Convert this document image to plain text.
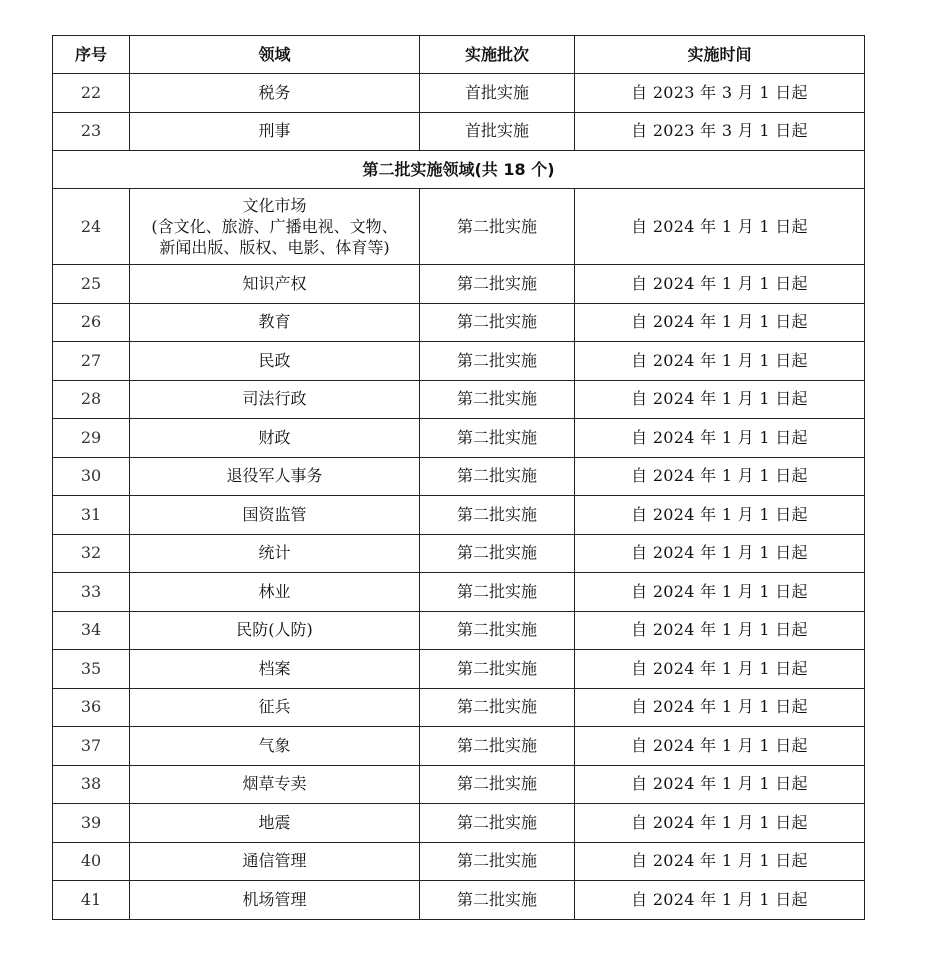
序号	领域	实施批次	实施时间
22	税务	首批实施	自 2023 年 3 月 1 日起
23	刑事	首批实施	自 2023 年 3 月 1 日起
第二批实施领域(共 18 个)			
24	文化市场
(含文化、旅游、广播电视、文物、
新闻出版、版权、电影、体育等)	第二批实施	自 2024 年 1 月 1 日起
25	知识产权	第二批实施	自 2024 年 1 月 1 日起
26	教育	第二批实施	自 2024 年 1 月 1 日起
27	民政	第二批实施	自 2024 年 1 月 1 日起
28	司法行政	第二批实施	自 2024 年 1 月 1 日起
29	财政	第二批实施	自 2024 年 1 月 1 日起
30	退役军人事务	第二批实施	自 2024 年 1 月 1 日起
31	国资监管	第二批实施	自 2024 年 1 月 1 日起
32	统计	第二批实施	自 2024 年 1 月 1 日起
33	林业	第二批实施	自 2024 年 1 月 1 日起
34	民防(人防)	第二批实施	自 2024 年 1 月 1 日起
35	档案	第二批实施	自 2024 年 1 月 1 日起
36	征兵	第二批实施	自 2024 年 1 月 1 日起
37	气象	第二批实施	自 2024 年 1 月 1 日起
38	烟草专卖	第二批实施	自 2024 年 1 月 1 日起
39	地震	第二批实施	自 2024 年 1 月 1 日起
40	通信管理	第二批实施	自 2024 年 1 月 1 日起
41	机场管理	第二批实施	自 2024 年 1 月 1 日起
